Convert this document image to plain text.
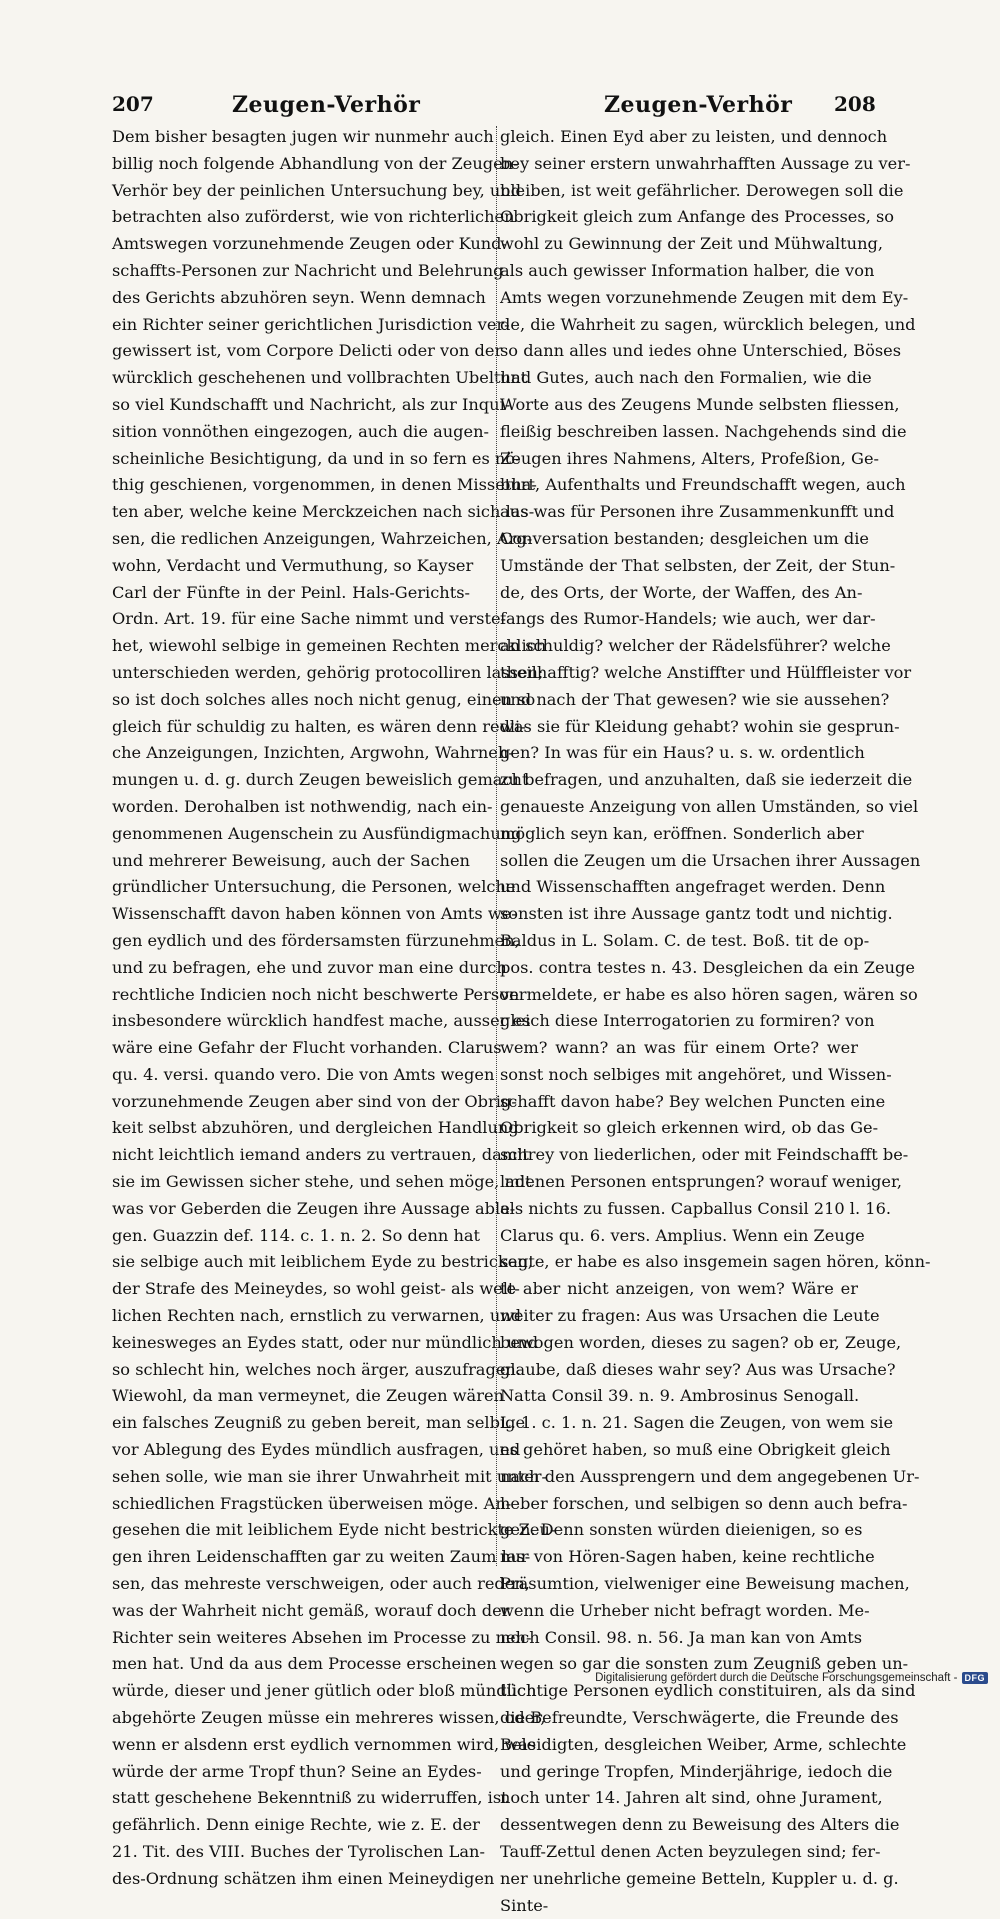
207	Zeugen-Verhör	Zeugen-Verhör 208
Dem bisher besagten jugen wir nunmehr auch
billig noch folgende Abhandlung von der Zeugen-
Verhör bey der peinlichen Untersuchung bey, und
betrachten also zuförderst, wie von richterlichen
Amtswegen vorzunehmende Zeugen oder Kund-
schaffts-Personen zur Nachricht und Belehrung
des Gerichts abzuhören seyn. Wenn demnach
ein Richter seiner gerichtlichen Jurisdiction ver-
gewissert ist, vom Corpore Delicti oder von der
würcklich geschehenen und vollbrachten Ubelthat
so viel Kundschafft und Nachricht, als zur Inqui-
sition vonnöthen eingezogen, auch die augen-
scheinliche Besichtigung, da und in so fern es nö-
thig geschienen, vorgenommen, in denen Missetha-
ten aber, welche keine Merckzeichen nach sich las-
sen, die redlichen Anzeigungen, Wahrzeichen, Arg-
wohn, Verdacht und Vermuthung, so Kayser
Carl der Fünfte in der Peinl. Hals-Gerichts-
Ordn. Art. 19. für eine Sache nimmt und verste-
het, wiewohl selbige in gemeinen Rechten mercklich
unterschieden werden, gehörig protocolliren lassen;
so ist doch solches alles noch nicht genug, einen so
gleich für schuldig zu halten, es wären denn redli-
che Anzeigungen, Inzichten, Argwohn, Wahrneh-
mungen u. d. g. durch Zeugen beweislich gemacht
worden. Derohalben ist nothwendig, nach ein-
genommenen Augenschein zu Ausfündigmachung
und mehrerer Beweisung, auch der Sachen
gründlicher Untersuchung, die Personen, welche
Wissenschafft davon haben können von Amts we-
gen eydlich und des fördersamsten fürzunehmen,
und zu befragen, ehe und zuvor man eine durch
rechtliche Indicien noch nicht beschwerte Person
insbesondere würcklich handfest mache, ausser es
wäre eine Gefahr der Flucht vorhanden. Clarus
qu. 4. versi. quando vero. Die von Amts wegen
vorzunehmende Zeugen aber sind von der Obrig-
keit selbst abzuhören, und dergleichen Handlung
nicht leichtlich iemand anders zu vertrauen, damit
sie im Gewissen sicher stehe, und sehen möge, mit
was vor Geberden die Zeugen ihre Aussage able-
gen. Guazzin def. 114. c. 1. n. 2. So denn hat
sie selbige auch mit leiblichem Eyde zu bestricken,
der Strafe des Meineydes, so wohl geist- als welt-
lichen Rechten nach, ernstlich zu verwarnen, und
keinesweges an Eydes statt, oder nur mündlich und
so schlecht hin, welches noch ärger, auszufragen.
Wiewohl, da man vermeynet, die Zeugen wären
ein falsches Zeugniß zu geben bereit, man selbige
vor Ablegung des Eydes mündlich ausfragen, und
sehen solle, wie man sie ihrer Unwahrheit mit unter-
schiedlichen Fragstücken überweisen möge. An-
gesehen die mit leiblichem Eyde nicht bestrickte Zeu-
gen ihren Leidenschafften gar zu weiten Zaum las-
sen, das mehreste verschweigen, oder auch reden,
was der Wahrheit nicht gemäß, worauf doch der
Richter sein weiteres Absehen im Processe zu neh-
men hat. Und da aus dem Processe erscheinen
würde, dieser und jener gütlich oder bloß mündlich
abgehörte Zeugen müsse ein mehreres wissen, oder,
wenn er alsdenn erst eydlich vernommen wird, was
würde der arme Tropf thun? Seine an Eydes-
statt geschehene Bekenntniß zu widerruffen, ist
gefährlich. Denn einige Rechte, wie z. E. der
21. Tit. des VIII. Buches der Tyrolischen Lan-
des-Ordnung schätzen ihm einen Meineydigen
gleich. Einen Eyd aber zu leisten, und dennoch
bey seiner erstern unwahrhafften Aussage zu ver-
bleiben, ist weit gefährlicher. Derowegen soll die
Obrigkeit gleich zum Anfange des Processes, so
wohl zu Gewinnung der Zeit und Mühwaltung,
als auch gewisser Information halber, die von
Amts wegen vorzunehmende Zeugen mit dem Ey-
de, die Wahrheit zu sagen, würcklich belegen, und
so dann alles und iedes ohne Unterschied, Böses
und Gutes, auch nach den Formalien, wie die
Worte aus des Zeugens Munde selbsten fliessen,
fleißig beschreiben lassen. Nachgehends sind die
Zeugen ihres Nahmens, Alters, Profeßion, Ge-
burt, Aufenthalts und Freundschafft wegen, auch
aus was für Personen ihre Zusammenkunfft und
Conversation bestanden; desgleichen um die
Umstände der That selbsten, der Zeit, der Stun-
de, des Orts, der Worte, der Waffen, des An-
fangs des Rumor-Handels; wie auch, wer dar-
an schuldig? welcher der Rädelsführer? welche
theilhafftig? welche Anstiffter und Hülffleister vor
und nach der That gewesen? wie sie aussehen?
was sie für Kleidung gehabt? wohin sie gesprun-
gen? In was für ein Haus? u. s. w. ordentlich
zu befragen, und anzuhalten, daß sie iederzeit die
genaueste Anzeigung von allen Umständen, so viel
möglich seyn kan, eröffnen. Sonderlich aber
sollen die Zeugen um die Ursachen ihrer Aussagen
und Wissenschafften angefraget werden. Denn
sonsten ist ihre Aussage gantz todt und nichtig.
Baldus in L. Solam. C. de test. Boß. tit de op-
pos. contra testes n. 43. Desgleichen da ein Zeuge
vermeldete, er habe es also hören sagen, wären so
gleich diese Interrogatorien zu formiren? von
wem? wann? an was für einem Orte? wer
sonst noch selbiges mit angehöret, und Wissen-
schafft davon habe? Bey welchen Puncten eine
Obrigkeit so gleich erkennen wird, ob das Ge-
schrey von liederlichen, oder mit Feindschafft be-
ladenen Personen entsprungen? worauf weniger,
als nichts zu fussen. Capballus Consil 210 l. 16.
Clarus qu. 6. vers. Amplius. Wenn ein Zeuge
sagte, er habe es also insgemein sagen hören, könn-
te aber nicht anzeigen, von wem? Wäre er
weiter zu fragen: Aus was Ursachen die Leute
bewogen worden, dieses zu sagen? ob er, Zeuge,
glaube, daß dieses wahr sey? Aus was Ursache?
Natta Consil 39. n. 9. Ambrosinus Senogall.
L. 1. c. 1. n. 21. Sagen die Zeugen, von wem sie
es gehöret haben, so muß eine Obrigkeit gleich
nach den Aussprengern und dem angegebenen Ur-
heber forschen, und selbigen so denn auch befra-
gen. Denn sonsten würden dieienigen, so es
nur von Hören-Sagen haben, keine rechtliche
Präsumtion, vielweniger eine Beweisung machen,
wenn die Urheber nicht befragt worden. Me-
noch Consil. 98. n. 56. Ja man kan von Amts
wegen so gar die sonsten zum Zeugniß geben un-
tüchtige Personen eydlich constituiren, als da sind
die Befreundte, Verschwägerte, die Freunde des
Beleidigten, desgleichen Weiber, Arme, schlechte
und geringe Tropfen, Minderjährige, iedoch die
noch unter 14. Jahren alt sind, ohne Jurament,
dessentwegen denn zu Beweisung des Alters die
Tauff-Zettul denen Acten beyzulegen sind; fer-
ner unehrliche gemeine Betteln, Kuppler u. d. g.
Sinte-
Digitalisierung gefördert durch die Deutsche Forschungsgemeinschaft - DFG
